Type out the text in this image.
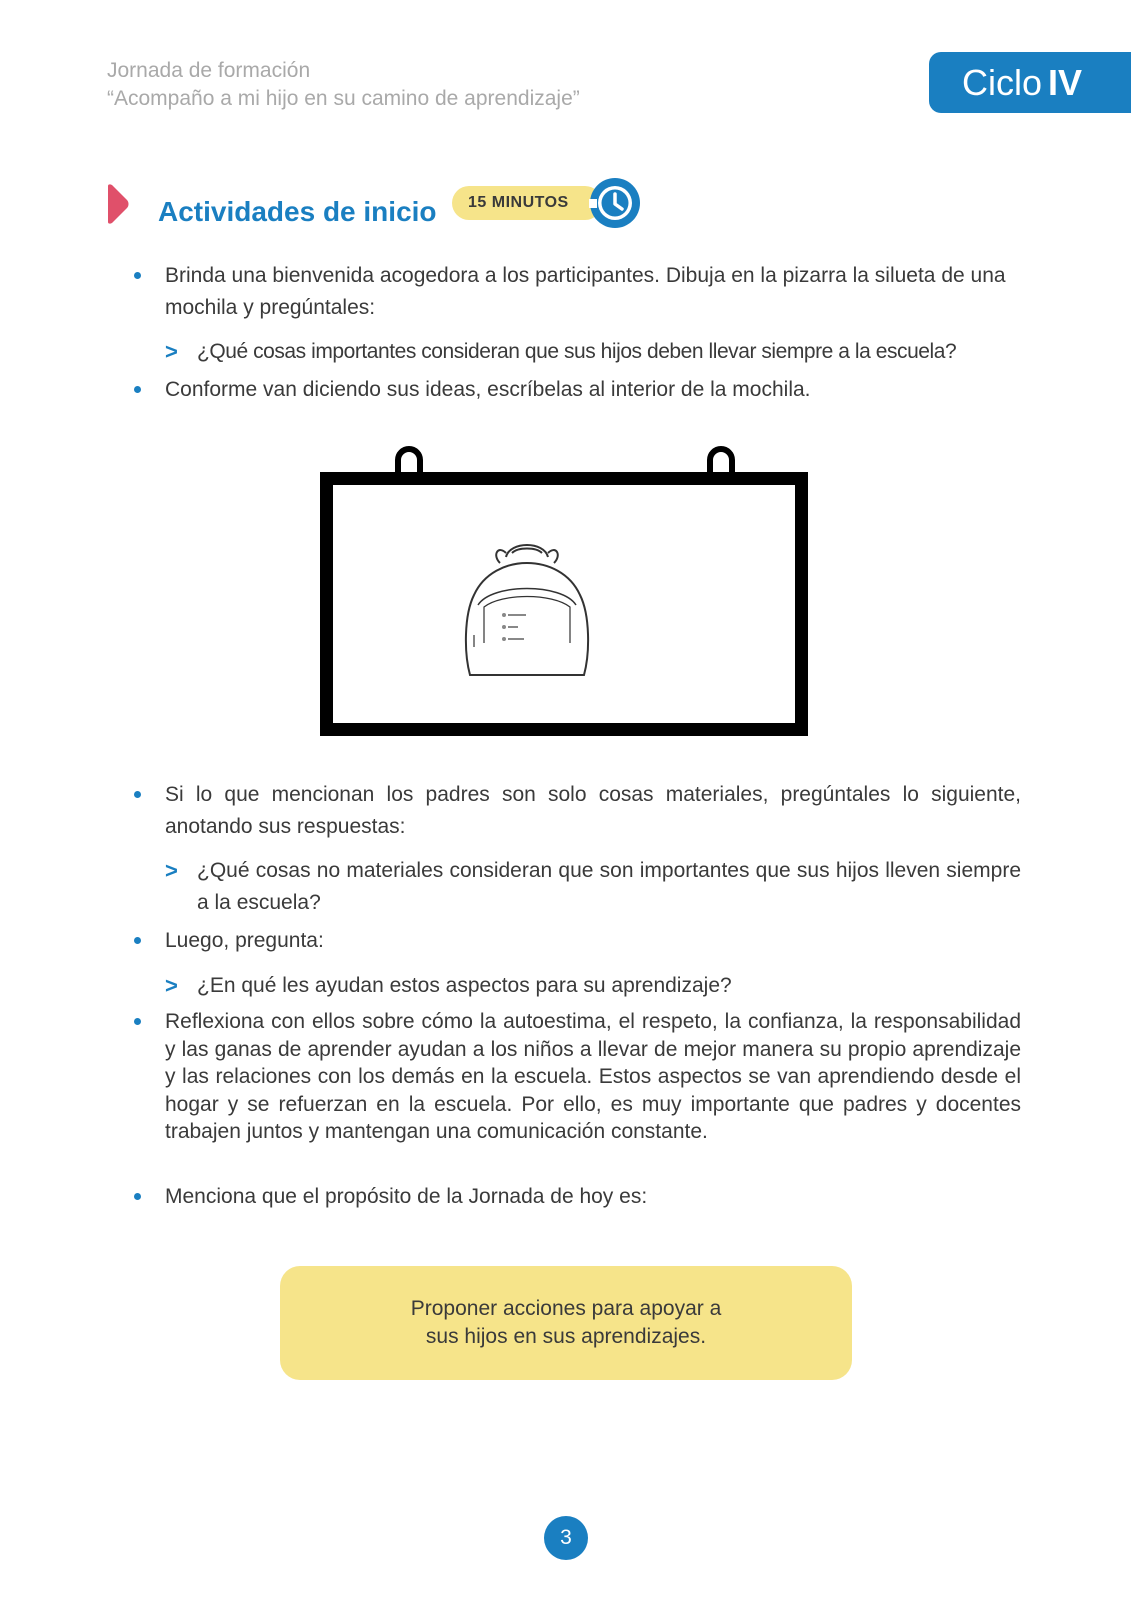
Jornada de formación
“Acompaño a mi hijo en su camino de aprendizaje”	Ciclo IV
Actividades de inicio	15 MINUTOS
Brinda una bienvenida acogedora a los participantes. Dibuja en la pizarra la silueta de una mochila y pregúntales:
> ¿Qué cosas importantes consideran que sus hijos deben llevar siempre a la escuela?
Conforme van diciendo sus ideas, escríbelas al interior de la mochila.
Si lo que mencionan los padres son solo cosas materiales, pregúntales lo siguiente, anotando sus respuestas:
> ¿Qué cosas no materiales consideran que son importantes que sus hijos lleven siempre a la escuela?
Luego, pregunta:
> ¿En qué les ayudan estos aspectos para su aprendizaje?
Reflexiona con ellos sobre cómo la autoestima, el respeto, la confianza, la responsabilidad y las ganas de aprender ayudan a los niños a llevar de mejor manera su propio aprendizaje y las relaciones con los demás en la escuela. Estos aspectos se van aprendiendo desde el hogar y se refuerzan en la escuela. Por ello, es muy importante que padres y docentes trabajen juntos y mantengan una comunicación constante.
Menciona que el propósito de la Jornada de hoy es:
Proponer acciones para apoyar a
sus hijos en sus aprendizajes.
3
